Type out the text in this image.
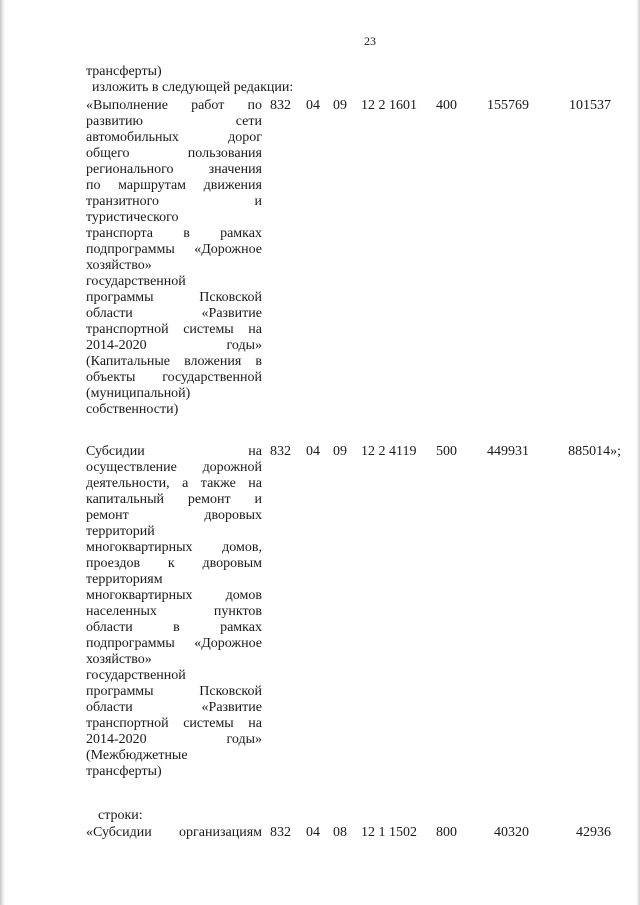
23
трансферты)
изложить в следующей редакции:
«Выполнение работ по
развитию	сети
автомобильных	дорог
общего	пользования
регионального	значения
по маршрутам движения
транзитного	и
туристического
транспорта в рамках
подпрограммы «Дорожное
хозяйство»
государственной
программы	Псковской
области	«Развитие
транспортной системы на
2014-2020	годы»
(Капитальные вложения в
объекты государственной
(муниципальной)
собственности)
832 04 09 12 2 1601 400	155769	101537
Субсидии	на
осуществление дорожной
деятельности, а также на
капитальный ремонт и
ремонт	дворовых
территорий
многоквартирных домов,
проездов к дворовым
территориям
многоквартирных домов
населенных	пунктов
области	в	рамках
подпрограммы «Дорожное
хозяйство»
государственной
программы	Псковской
области	«Развитие
транспортной системы на
2014-2020	годы»
(Межбюджетные
трансферты)
832 04 09 12 2 4119 500	449931	885014»;
строки:
«Субсидии организациям 832 04 08 12 1 1502 800	40320	42936
